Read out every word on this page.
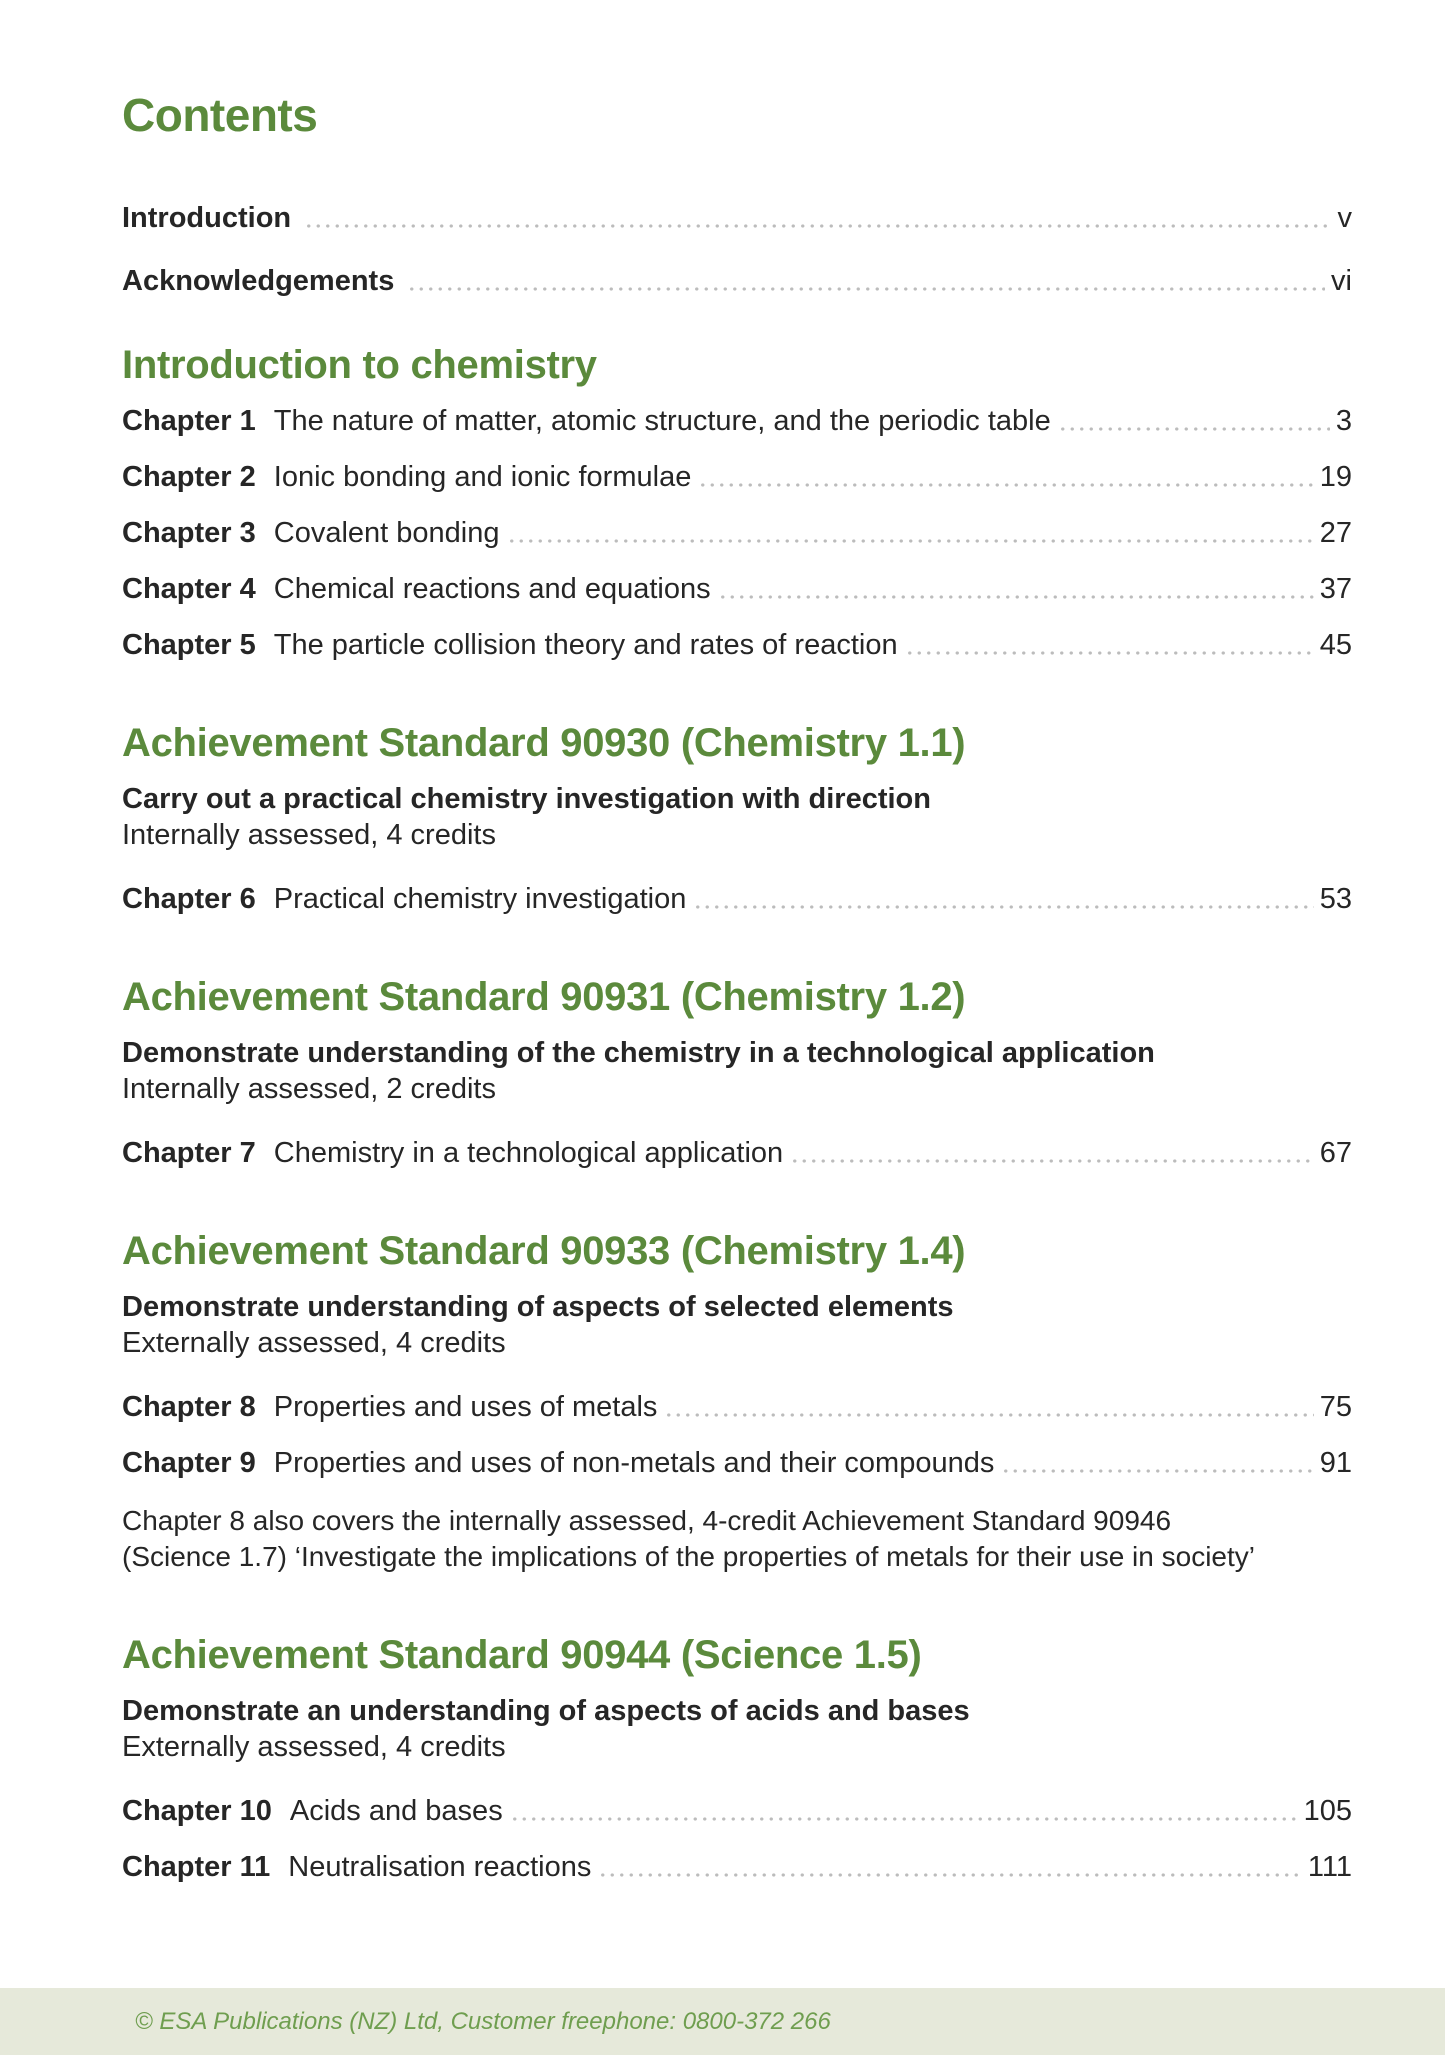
Contents
Introduction	v
Acknowledgements	vi
Introduction to chemistry
Chapter 1 The nature of matter, atomic structure, and the periodic table	3
Chapter 2 Ionic bonding and ionic formulae	19
Chapter 3 Covalent bonding	27
Chapter 4 Chemical reactions and equations	37
Chapter 5 The particle collision theory and rates of reaction	45
Achievement Standard 90930 (Chemistry 1.1)

Carry out a practical chemistry investigation with direction

Internally assessed, 4 credits

Chapter 6 Practical chemistry investigation	53
Achievement Standard 90931 (Chemistry 1.2)

Demonstrate understanding of the chemistry in a technological application

Internally assessed, 2 credits

Chapter 7 Chemistry in a technological application	67
Achievement Standard 90933 (Chemistry 1.4)

Demonstrate understanding of aspects of selected elements

Externally assessed, 4 credits

Chapter 8 Properties and uses of metals	75
Chapter 9 Properties and uses of non-metals and their compounds	91
Chapter 8 also covers the internally assessed, 4-credit Achievement Standard 90946
(Science 1.7) ‘Investigate the implications of the properties of metals for their use in society’
Achievement Standard 90944 (Science 1.5)

Demonstrate an understanding of aspects of acids and bases

Externally assessed, 4 credits

Chapter 10 Acids and bases	105
Chapter 11 Neutralisation reactions	111
© ESA Publications (NZ) Ltd, Customer freephone: 0800-372 266
